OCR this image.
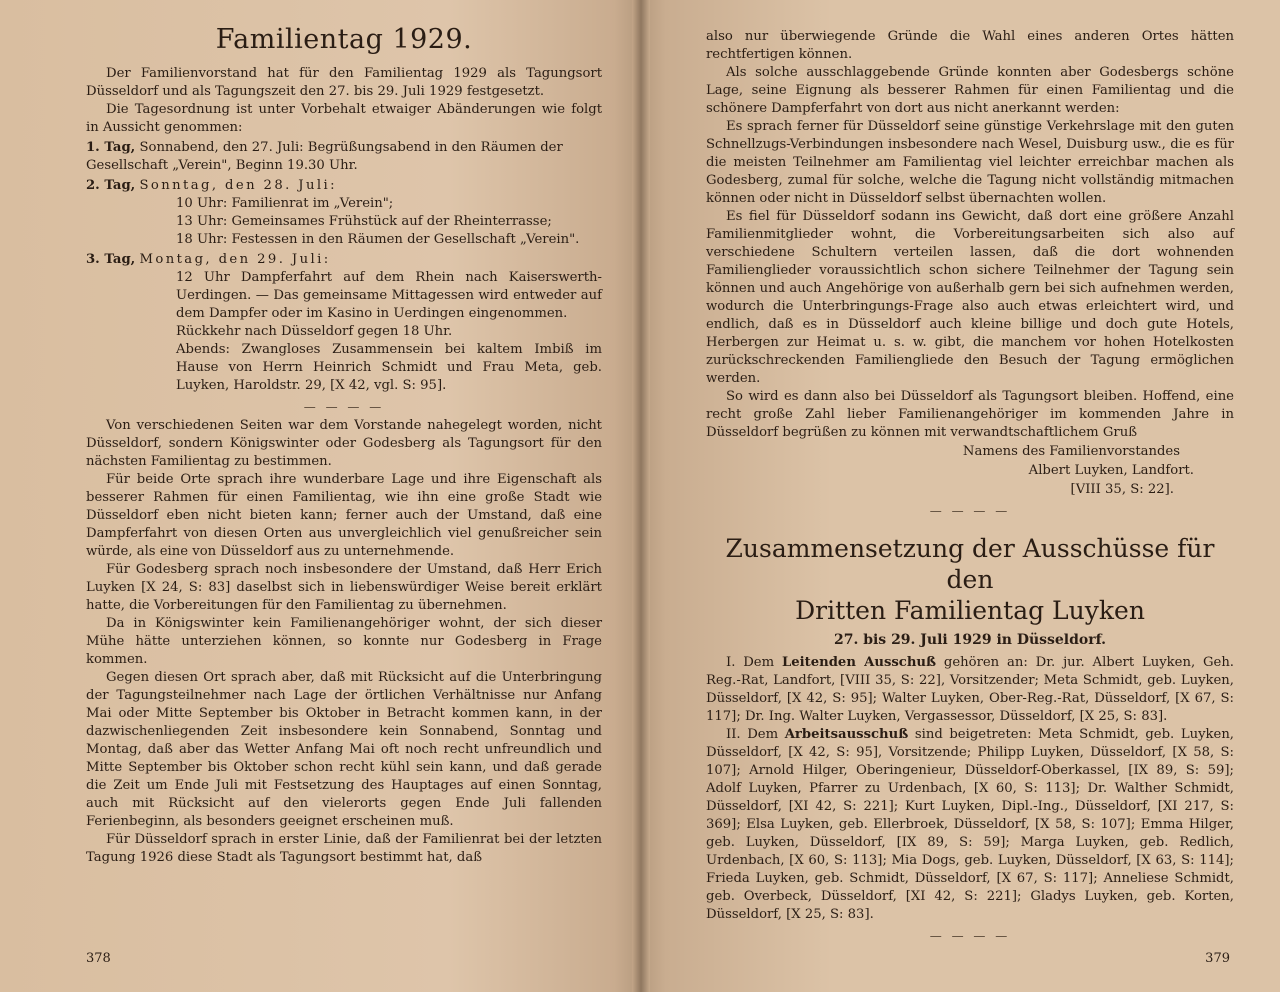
Familientag 1929.

Der Familienvorstand hat für den Familientag 1929 als Tagungsort Düsseldorf und als Tagungszeit den 27. bis 29. Juli 1929 festgesetzt.

Die Tagesordnung ist unter Vorbehalt etwaiger Abänderungen wie folgt in Aussicht genommen:

1. Tag, Sonnabend, den 27. Juli: Begrüßungsabend in den Räumen der Gesellschaft „Verein", Beginn 19.30 Uhr.
2. Tag, Sonntag, den 28. Juli:
10 Uhr: Familienrat im „Verein";
13 Uhr: Gemeinsames Frühstück auf der Rheinterrasse;
18 Uhr: Festessen in den Räumen der Gesellschaft „Verein".
3. Tag, Montag, den 29. Juli:
12 Uhr Dampferfahrt auf dem Rhein nach Kaiserswerth-Uerdingen. — Das gemeinsame Mittagessen wird entweder auf dem Dampfer oder im Kasino in Uerdingen eingenommen.
Rückkehr nach Düsseldorf gegen 18 Uhr.
Abends: Zwangloses Zusammensein bei kaltem Imbiß im Hause von Herrn Heinrich Schmidt und Frau Meta, geb. Luyken, Haroldstr. 29, [X 42, vgl. S: 95].
— — — —

Von verschiedenen Seiten war dem Vorstande nahegelegt worden, nicht Düsseldorf, sondern Königswinter oder Godesberg als Tagungsort für den nächsten Familientag zu bestimmen.

Für beide Orte sprach ihre wunderbare Lage und ihre Eigenschaft als besserer Rahmen für einen Familientag, wie ihn eine große Stadt wie Düsseldorf eben nicht bieten kann; ferner auch der Umstand, daß eine Dampferfahrt von diesen Orten aus unvergleichlich viel genußreicher sein würde, als eine von Düsseldorf aus zu unternehmende.

Für Godesberg sprach noch insbesondere der Umstand, daß Herr Erich Luyken [X 24, S: 83] daselbst sich in liebenswürdiger Weise bereit erklärt hatte, die Vorbereitungen für den Familientag zu übernehmen.

Da in Königswinter kein Familienangehöriger wohnt, der sich dieser Mühe hätte unterziehen können, so konnte nur Godesberg in Frage kommen.

Gegen diesen Ort sprach aber, daß mit Rücksicht auf die Unterbringung der Tagungsteilnehmer nach Lage der örtlichen Verhältnisse nur Anfang Mai oder Mitte September bis Oktober in Betracht kommen kann, in der dazwischenliegenden Zeit insbesondere kein Sonnabend, Sonntag und Montag, daß aber das Wetter Anfang Mai oft noch recht unfreundlich und Mitte September bis Oktober schon recht kühl sein kann, und daß gerade die Zeit um Ende Juli mit Festsetzung des Hauptages auf einen Sonntag, auch mit Rücksicht auf den vielerorts gegen Ende Juli fallenden Ferienbeginn, als besonders geeignet erscheinen muß.

Für Düsseldorf sprach in erster Linie, daß der Familienrat bei der letzten Tagung 1926 diese Stadt als Tagungsort bestimmt hat, daß

378

also nur überwiegende Gründe die Wahl eines anderen Ortes hätten rechtfertigen können.

Als solche ausschlaggebende Gründe konnten aber Godesbergs schöne Lage, seine Eignung als besserer Rahmen für einen Familientag und die schönere Dampferfahrt von dort aus nicht anerkannt werden:

Es sprach ferner für Düsseldorf seine günstige Verkehrslage mit den guten Schnellzugs-Verbindungen insbesondere nach Wesel, Duisburg usw., die es für die meisten Teilnehmer am Familientag viel leichter erreichbar machen als Godesberg, zumal für solche, welche die Tagung nicht vollständig mitmachen können oder nicht in Düsseldorf selbst übernachten wollen.

Es fiel für Düsseldorf sodann ins Gewicht, daß dort eine größere Anzahl Familienmitglieder wohnt, die Vorbereitungsarbeiten sich also auf verschiedene Schultern verteilen lassen, daß die dort wohnenden Familienglieder voraussichtlich schon sichere Teilnehmer der Tagung sein können und auch Angehörige von außerhalb gern bei sich aufnehmen werden, wodurch die Unterbringungs-Frage also auch etwas erleichtert wird, und endlich, daß es in Düsseldorf auch kleine billige und doch gute Hotels, Herbergen zur Heimat u. s. w. gibt, die manchem vor hohen Hotelkosten zurückschreckenden Familiengliede den Besuch der Tagung ermöglichen werden.

So wird es dann also bei Düsseldorf als Tagungsort bleiben. Hoffend, eine recht große Zahl lieber Familienangehöriger im kommenden Jahre in Düsseldorf begrüßen zu können mit verwandtschaftlichem Gruß

Namens des Familienvorstandes
Albert Luyken, Landfort.
[VIII 35, S: 22].
— — — —
Zusammensetzung der Ausschüsse für den
Dritten Familientag Luyken
27. bis 29. Juli 1929 in Düsseldorf.

I. Dem Leitenden Ausschuß gehören an: Dr. jur. Albert Luyken, Geh. Reg.-Rat, Landfort, [VIII 35, S: 22], Vorsitzender; Meta Schmidt, geb. Luyken, Düsseldorf, [X 42, S: 95]; Walter Luyken, Ober-Reg.-Rat, Düsseldorf, [X 67, S: 117]; Dr. Ing. Walter Luyken, Vergassessor, Düsseldorf, [X 25, S: 83].

II. Dem Arbeitsausschuß sind beigetreten: Meta Schmidt, geb. Luyken, Düsseldorf, [X 42, S: 95], Vorsitzende; Philipp Luyken, Düsseldorf, [X 58, S: 107]; Arnold Hilger, Oberingenieur, Düsseldorf-Oberkassel, [IX 89, S: 59]; Adolf Luyken, Pfarrer zu Urdenbach, [X 60, S: 113]; Dr. Walther Schmidt, Düsseldorf, [XI 42, S: 221]; Kurt Luyken, Dipl.-Ing., Düsseldorf, [XI 217, S: 369]; Elsa Luyken, geb. Ellerbroek, Düsseldorf, [X 58, S: 107]; Emma Hilger, geb. Luyken, Düsseldorf, [IX 89, S: 59]; Marga Luyken, geb. Redlich, Urdenbach, [X 60, S: 113]; Mia Dogs, geb. Luyken, Düsseldorf, [X 63, S: 114]; Frieda Luyken, geb. Schmidt, Düsseldorf, [X 67, S: 117]; Anneliese Schmidt, geb. Overbeck, Düsseldorf, [XI 42, S: 221]; Gladys Luyken, geb. Korten, Düsseldorf, [X 25, S: 83].

— — — —
379
